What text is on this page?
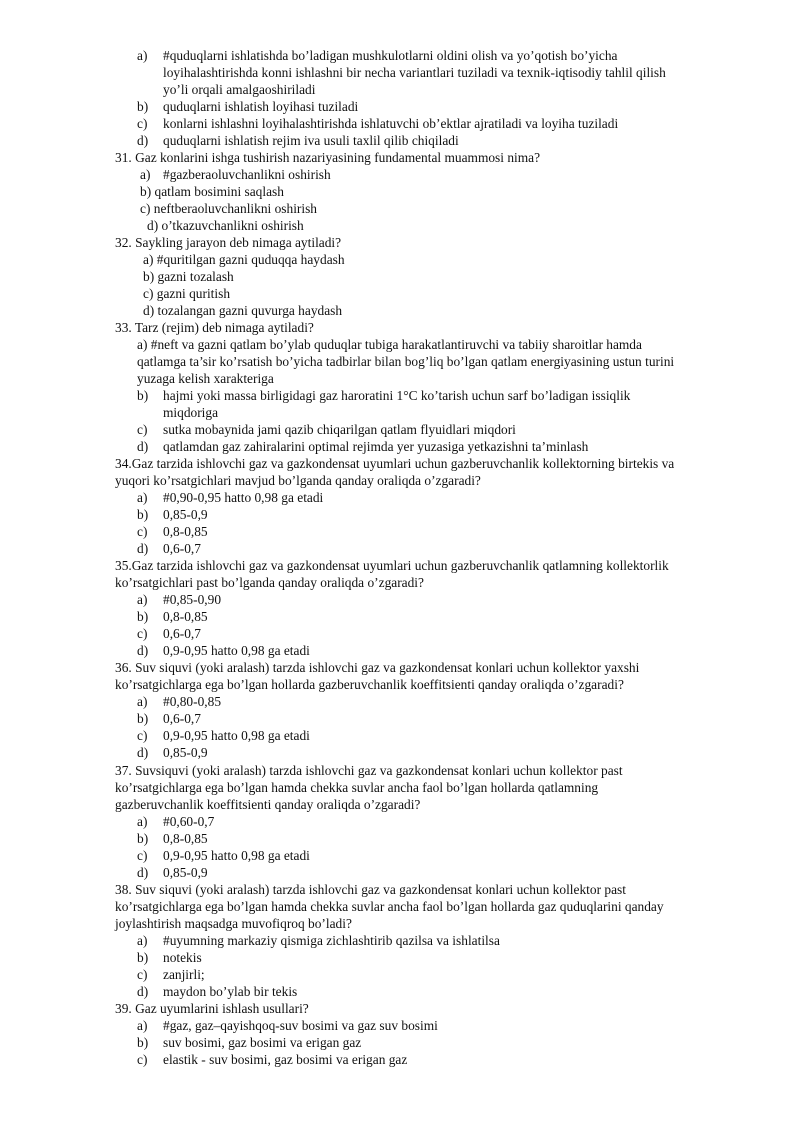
a) #quduqlarni ishlatishda bo’ladigan mushkulotlarni oldini olish va yo’qotish bo’yicha
loyihalashtirishda konni ishlashni bir necha variantlari tuziladi va texnik-iqtisodiy tahlil qilish
yo’li orqali amalgaoshiriladi
b) quduqlarni ishlatish loyihasi tuziladi
c) konlarni ishlashni loyihalashtirishda ishlatuvchi ob’ektlar ajratiladi va loyiha tuziladi
d) quduqlarni ishlatish rejim iva usuli taxlil qilib chiqiladi
31. Gaz konlarini ishga tushirish nazariyasining fundamental muammosi nima?
a) #gazberaoluvchanlikni oshirish
b) qatlam bosimini saqlash
c) neftberaoluvchanlikni oshirish
d) o’tkazuvchanlikni oshirish
32. Saykling jarayon deb nimaga aytiladi?
a) #quritilgan gazni quduqqa haydash
b) gazni tozalash
c) gazni quritish
d) tozalangan gazni quvurga haydash
33. Tarz (rejim) deb nimaga aytiladi?
a) #neft va gazni qatlam bo’ylab quduqlar tubiga harakatlantiruvchi va tabiiy sharoitlar hamda
qatlamga ta’sir ko’rsatish bo’yicha tadbirlar bilan bog’liq bo’lgan qatlam energiyasining ustun turini
yuzaga kelish xarakteriga
b) hajmi yoki massa birligidagi gaz haroratini 1°C ko’tarish uchun sarf bo’ladigan issiqlik
miqdoriga
c) sutka mobaynida jami qazib chiqarilgan qatlam flyuidlari miqdori
d) qatlamdan gaz zahiralarini optimal rejimda yer yuzasiga yetkazishni ta’minlash
34.Gaz tarzida ishlovchi gaz va gazkondensat uyumlari uchun gazberuvchanlik kollektorning birtekis va
yuqori ko’rsatgichlari mavjud bo’lganda qanday oraliqda o’zgaradi?
a) #0,90-0,95 hatto 0,98 ga etadi
b) 0,85-0,9
c) 0,8-0,85
d) 0,6-0,7
35.Gaz tarzida ishlovchi gaz va gazkondensat uyumlari uchun gazberuvchanlik qatlamning kollektorlik
ko’rsatgichlari past bo’lganda qanday oraliqda o’zgaradi?
a) #0,85-0,90
b) 0,8-0,85
c) 0,6-0,7
d) 0,9-0,95 hatto 0,98 ga etadi
36. Suv siquvi (yoki aralash) tarzda ishlovchi gaz va gazkondensat konlari uchun kollektor yaxshi
ko’rsatgichlarga ega bo’lgan hollarda gazberuvchanlik koeffitsienti qanday oraliqda o’zgaradi?
a) #0,80-0,85
b) 0,6-0,7
c) 0,9-0,95 hatto 0,98 ga etadi
d) 0,85-0,9
37. Suvsiquvi (yoki aralash) tarzda ishlovchi gaz va gazkondensat konlari uchun kollektor past
ko’rsatgichlarga ega bo’lgan hamda chekka suvlar ancha faol bo’lgan hollarda qatlamning
gazberuvchanlik koeffitsienti qanday oraliqda o’zgaradi?
a) #0,60-0,7
b) 0,8-0,85
c) 0,9-0,95 hatto 0,98 ga etadi
d) 0,85-0,9
38. Suv siquvi (yoki aralash) tarzda ishlovchi gaz va gazkondensat konlari uchun kollektor past
ko’rsatgichlarga ega bo’lgan hamda chekka suvlar ancha faol bo’lgan hollarda gaz quduqlarini qanday
joylashtirish maqsadga muvofiqroq bo’ladi?
a) #uyumning markaziy qismiga zichlashtirib qazilsa va ishlatilsa
b) notekis
c) zanjirli;
d) maydon bo’ylab bir tekis
39. Gaz uyumlarini ishlash usullari?
a) #gaz, gaz–qayishqoq-suv bosimi va gaz suv bosimi
b) suv bosimi, gaz bosimi va erigan gaz
c) elastik - suv bosimi, gaz bosimi va erigan gaz
